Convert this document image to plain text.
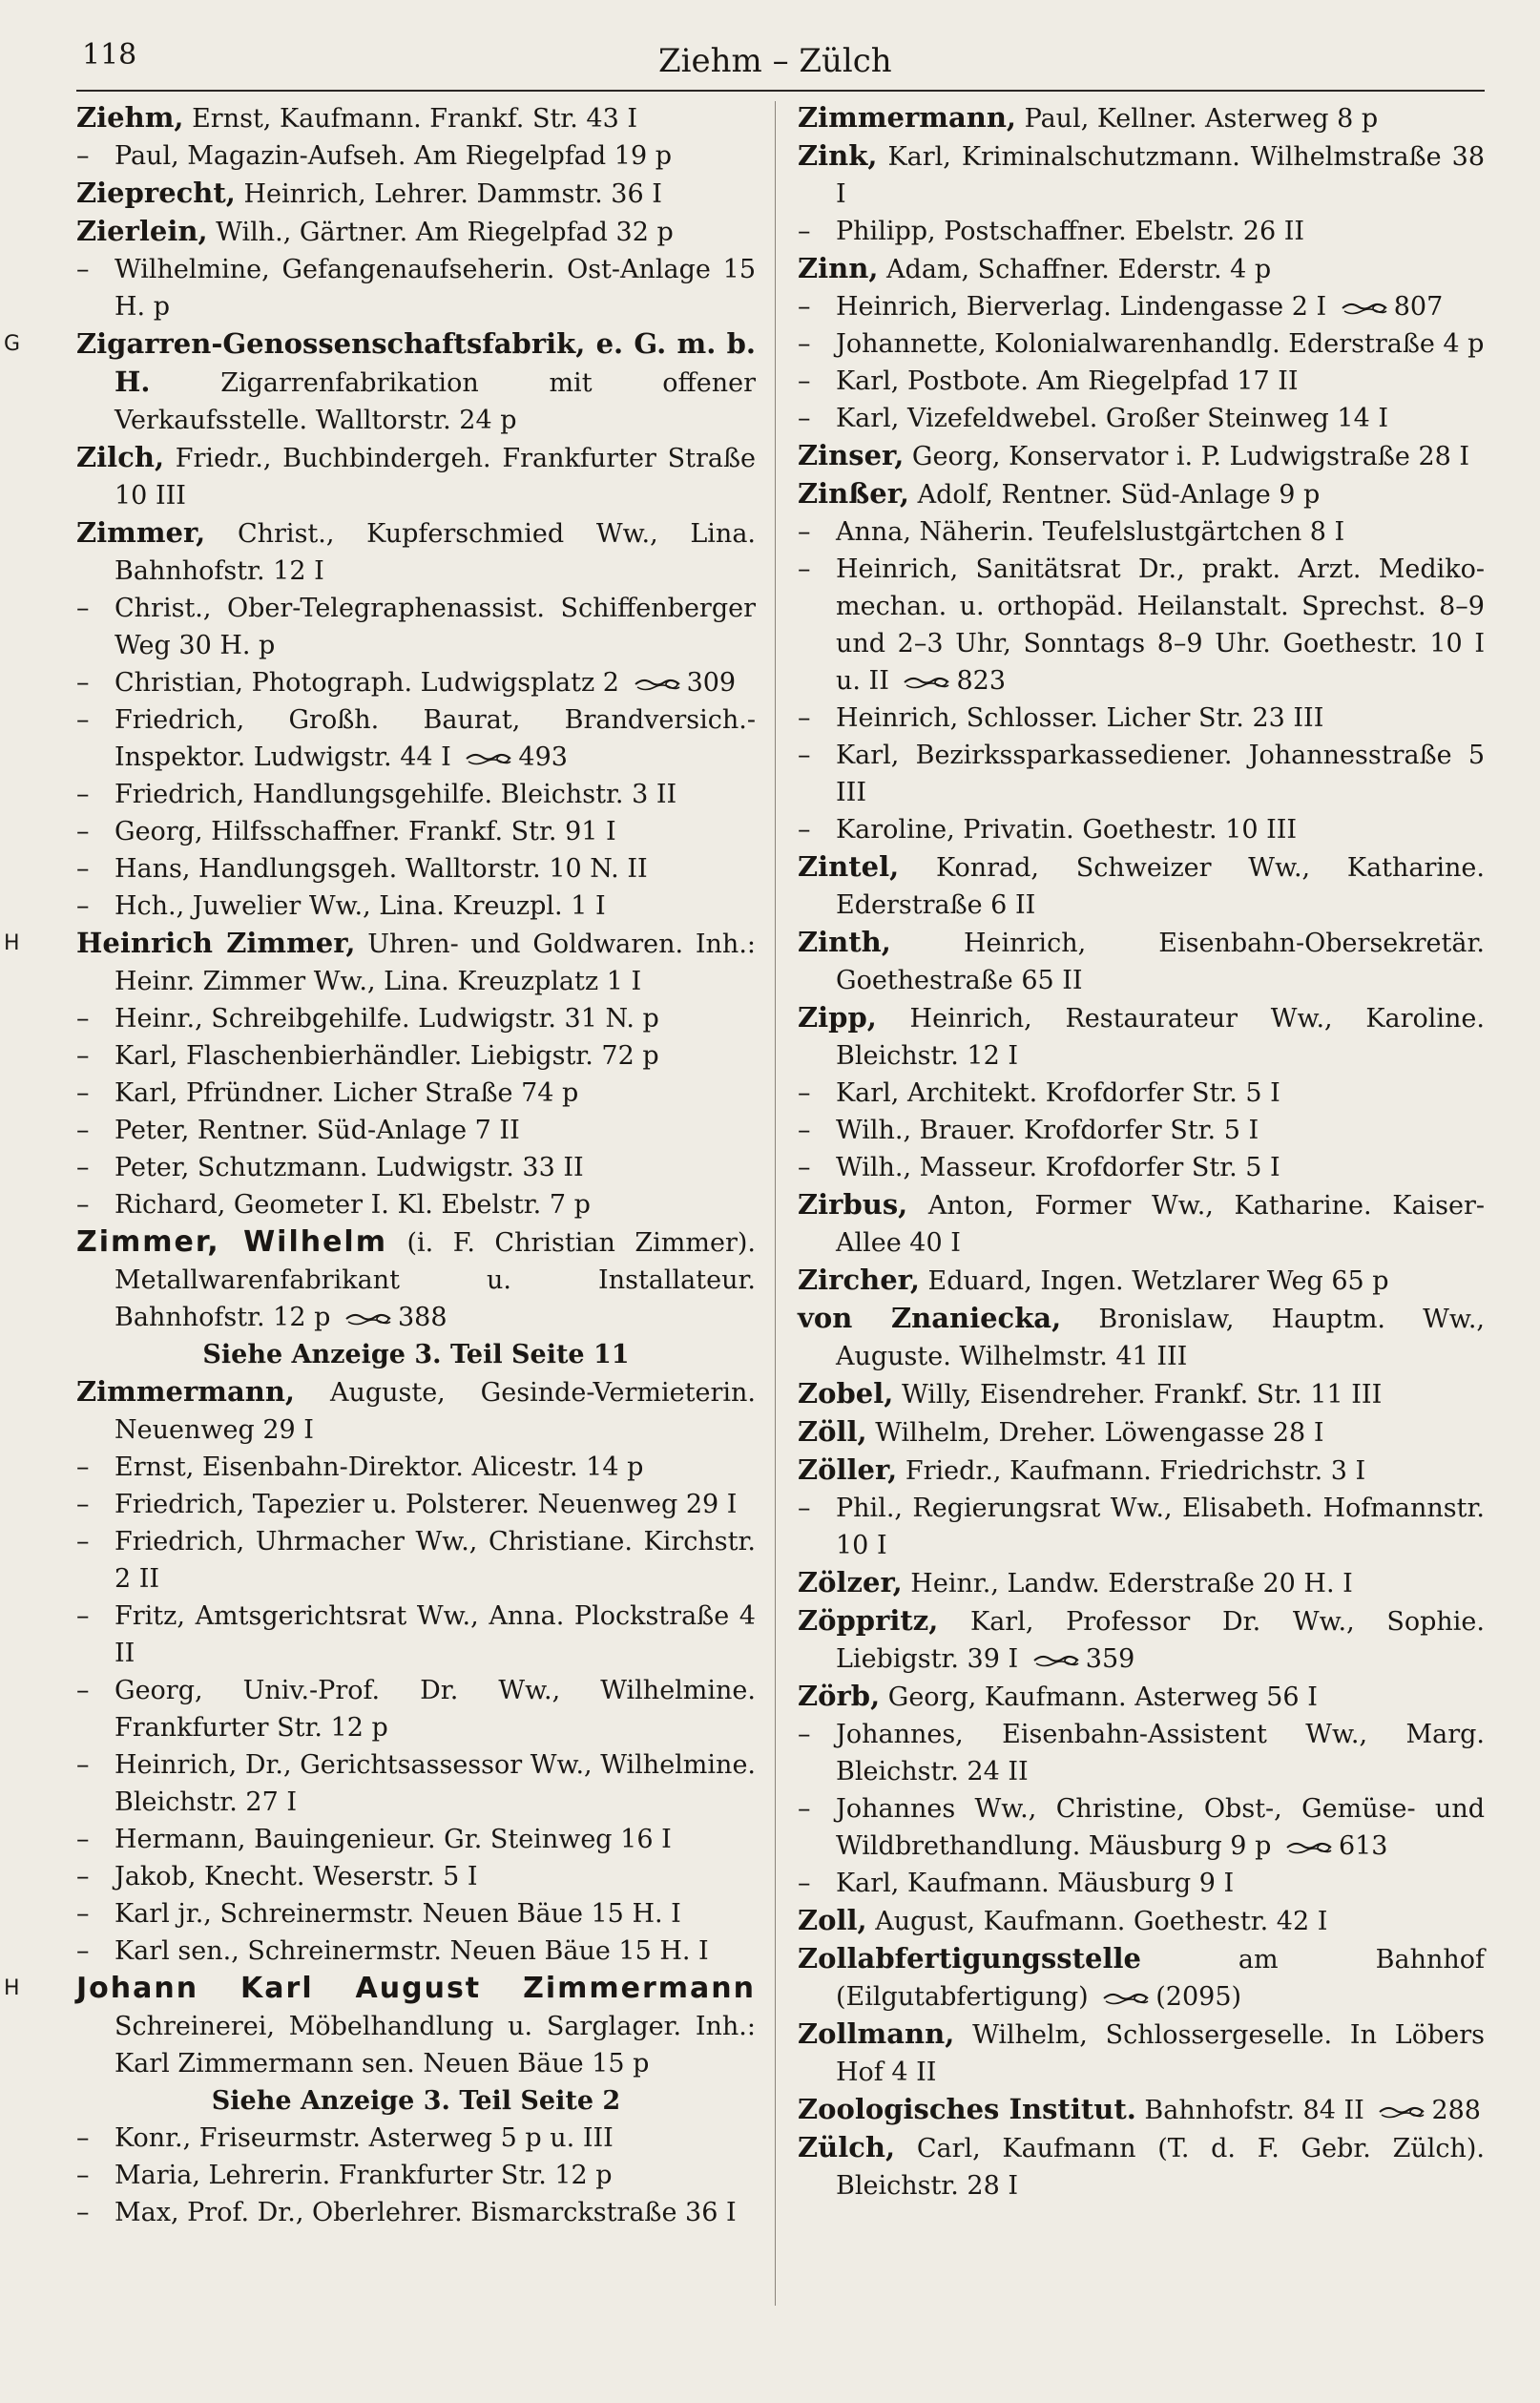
118	Ziehm – Zülch

Ziehm, Ernst, Kaufmann. Frankf. Str. 43 I

– Paul, Magazin-Aufseh. Am Riegelpfad 19 p

Zieprecht, Heinrich, Lehrer. Dammstr. 36 I

Zierlein, Wilh., Gärtner. Am Riegelpfad 32 p

– Wilhelmine, Gefangenaufseherin. Ost-Anlage 15 H. p

G	Zigarren-Genossenschaftsfabrik, e. G. m. b. H. Zigarrenfabrikation mit offener Verkaufsstelle. Walltorstr. 24 p

Zilch, Friedr., Buchbindergeh. Frankfurter Straße 10 III

Zimmer, Christ., Kupferschmied Ww., Lina. Bahnhofstr. 12 I

– Christ., Ober-Telegraphenassist. Schiffenberger Weg 30 H. p

– Christian, Photograph. Ludwigsplatz 2	309

– Friedrich, Großh. Baurat, Brandversich.-Inspektor. Ludwigstr. 44 I	493

– Friedrich, Handlungsgehilfe. Bleichstr. 3 II

– Georg, Hilfsschaffner. Frankf. Str. 91 I

– Hans, Handlungsgeh. Walltorstr. 10 N. II

– Hch., Juwelier Ww., Lina. Kreuzpl. 1 I

H	Heinrich Zimmer, Uhren- und Goldwaren. Inh.: Heinr. Zimmer Ww., Lina. Kreuzplatz 1 I

– Heinr., Schreibgehilfe. Ludwigstr. 31 N. p

– Karl, Flaschenbierhändler. Liebigstr. 72 p

– Karl, Pfründner. Licher Straße 74 p

– Peter, Rentner. Süd-Anlage 7 II

– Peter, Schutzmann. Ludwigstr. 33 II

– Richard, Geometer I. Kl. Ebelstr. 7 p

Zimmer, Wilhelm (i. F. Christian Zimmer). Metallwarenfabrikant u. Installateur. Bahnhofstr. 12 p	388

Siehe Anzeige 3. Teil Seite 11

Zimmermann, Auguste, Gesinde-Vermieterin. Neuenweg 29 I

– Ernst, Eisenbahn-Direktor. Alicestr. 14 p

– Friedrich, Tapezier u. Polsterer. Neuenweg 29 I

– Friedrich, Uhrmacher Ww., Christiane. Kirchstr. 2 II

– Fritz, Amtsgerichtsrat Ww., Anna. Plockstraße 4 II

– Georg, Univ.-Prof. Dr. Ww., Wilhelmine. Frankfurter Str. 12 p

– Heinrich, Dr., Gerichtsassessor Ww., Wilhelmine. Bleichstr. 27 I

– Hermann, Bauingenieur. Gr. Steinweg 16 I

– Jakob, Knecht. Weserstr. 5 I

– Karl jr., Schreinermstr. Neuen Bäue 15 H. I

– Karl sen., Schreinermstr. Neuen Bäue 15 H. I

H	Johann Karl August Zimmermann Schreinerei, Möbelhandlung u. Sarglager. Inh.: Karl Zimmermann sen. Neuen Bäue 15 p

Siehe Anzeige 3. Teil Seite 2

– Konr., Friseurmstr. Asterweg 5 p u. III

– Maria, Lehrerin. Frankfurter Str. 12 p

– Max, Prof. Dr., Oberlehrer. Bismarckstraße 36 I

Zimmermann, Paul, Kellner. Asterweg 8 p

Zink, Karl, Kriminalschutzmann. Wilhelmstraße 38 I

– Philipp, Postschaffner. Ebelstr. 26 II

Zinn, Adam, Schaffner. Ederstr. 4 p

– Heinrich, Bierverlag. Lindengasse 2 I	807

– Johannette, Kolonialwarenhandlg. Ederstraße 4 p

– Karl, Postbote. Am Riegelpfad 17 II

– Karl, Vizefeldwebel. Großer Steinweg 14 I

Zinser, Georg, Konservator i. P. Ludwigstraße 28 I

Zinßer, Adolf, Rentner. Süd-Anlage 9 p

– Anna, Näherin. Teufelslustgärtchen 8 I

– Heinrich, Sanitätsrat Dr., prakt. Arzt. Mediko-mechan. u. orthopäd. Heilanstalt. Sprechst. 8–9 und 2–3 Uhr, Sonntags 8–9 Uhr. Goethestr. 10 I u. II	823

– Heinrich, Schlosser. Licher Str. 23 III

– Karl, Bezirkssparkassediener. Johannesstraße 5 III

– Karoline, Privatin. Goethestr. 10 III

Zintel, Konrad, Schweizer Ww., Katharine. Ederstraße 6 II

Zinth, Heinrich, Eisenbahn-Obersekretär. Goethestraße 65 II

Zipp, Heinrich, Restaurateur Ww., Karoline. Bleichstr. 12 I

– Karl, Architekt. Krofdorfer Str. 5 I

– Wilh., Brauer. Krofdorfer Str. 5 I

– Wilh., Masseur. Krofdorfer Str. 5 I

Zirbus, Anton, Former Ww., Katharine. Kaiser-Allee 40 I

Zircher, Eduard, Ingen. Wetzlarer Weg 65 p

von Znaniecka, Bronislaw, Hauptm. Ww., Auguste. Wilhelmstr. 41 III

Zobel, Willy, Eisendreher. Frankf. Str. 11 III

Zöll, Wilhelm, Dreher. Löwengasse 28 I

Zöller, Friedr., Kaufmann. Friedrichstr. 3 I

– Phil., Regierungsrat Ww., Elisabeth. Hofmannstr. 10 I

Zölzer, Heinr., Landw. Ederstraße 20 H. I

Zöppritz, Karl, Professor Dr. Ww., Sophie. Liebigstr. 39 I	359

Zörb, Georg, Kaufmann. Asterweg 56 I

– Johannes, Eisenbahn-Assistent Ww., Marg. Bleichstr. 24 II

– Johannes Ww., Christine, Obst-, Gemüse- und Wildbrethandlung. Mäusburg 9 p	613

– Karl, Kaufmann. Mäusburg 9 I

Zoll, August, Kaufmann. Goethestr. 42 I

Zollabfertigungsstelle am Bahnhof (Eilgutabfertigung)	(2095)

Zollmann, Wilhelm, Schlossergeselle. In Löbers Hof 4 II

Zoologisches Institut. Bahnhofstr. 84 II	288

Zülch, Carl, Kaufmann (T. d. F. Gebr. Zülch). Bleichstr. 28 I
